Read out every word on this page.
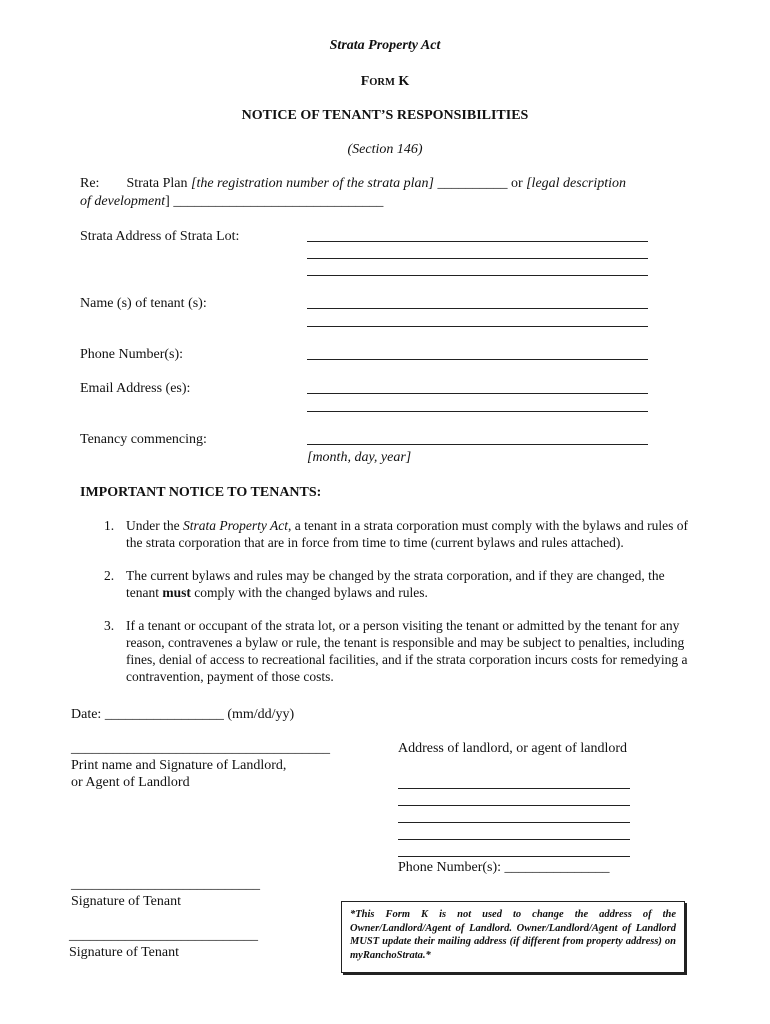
Strata Property Act
FORM K
NOTICE OF TENANT’S RESPONSIBILITIES
(Section 146)
Re: Strata Plan [the registration number of the strata plan] __________ or [legal description
of development] ______________________________
Strata Address of Strata Lot:
Name (s) of tenant (s):
Phone Number(s):
Email Address (es):
Tenancy commencing:
[month, day, year]
IMPORTANT NOTICE TO TENANTS:
1. Under the Strata Property Act, a tenant in a strata corporation must comply with the bylaws and rules of the strata corporation that are in force from time to time (current bylaws and rules attached).
2. The current bylaws and rules may be changed by the strata corporation, and if they are changed, the tenant must comply with the changed bylaws and rules.
3. If a tenant or occupant of the strata lot, or a person visiting the tenant or admitted by the tenant for any reason, contravenes a bylaw or rule, the tenant is responsible and may be subject to penalties, including fines, denial of access to recreational facilities, and if the strata corporation incurs costs for remedying a contravention, payment of those costs.
Date: _________________ (mm/dd/yy)
_____________________________________
Print name and Signature of Landlord,
or Agent of Landlord
Address of landlord, or agent of landlord
Phone Number(s): _______________
___________________________
Signature of Tenant
___________________________
Signature of Tenant
*This Form K is not used to change the address of the Owner/Landlord/Agent of Landlord. Owner/Landlord/Agent of Landlord MUST update their mailing address (if different from property address) on myRanchoStrata.*
